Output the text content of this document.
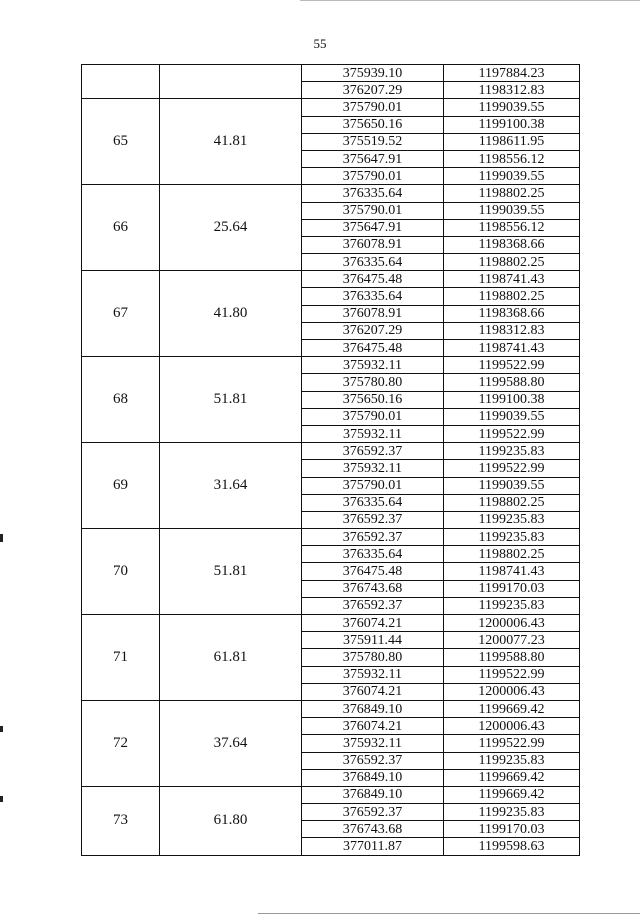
55
		375939.10	1197884.23
		376207.29	1198312.83
65	41.81	375790.01	1199039.55
		375650.16	1199100.38
		375519.52	1198611.95
		375647.91	1198556.12
		375790.01	1199039.55
66	25.64	376335.64	1198802.25
		375790.01	1199039.55
		375647.91	1198556.12
		376078.91	1198368.66
		376335.64	1198802.25
67	41.80	376475.48	1198741.43
		376335.64	1198802.25
		376078.91	1198368.66
		376207.29	1198312.83
		376475.48	1198741.43
68	51.81	375932.11	1199522.99
		375780.80	1199588.80
		375650.16	1199100.38
		375790.01	1199039.55
		375932.11	1199522.99
69	31.64	376592.37	1199235.83
		375932.11	1199522.99
		375790.01	1199039.55
		376335.64	1198802.25
		376592.37	1199235.83
70	51.81	376592.37	1199235.83
		376335.64	1198802.25
		376475.48	1198741.43
		376743.68	1199170.03
		376592.37	1199235.83
71	61.81	376074.21	1200006.43
		375911.44	1200077.23
		375780.80	1199588.80
		375932.11	1199522.99
		376074.21	1200006.43
72	37.64	376849.10	1199669.42
		376074.21	1200006.43
		375932.11	1199522.99
		376592.37	1199235.83
		376849.10	1199669.42
73	61.80	376849.10	1199669.42
		376592.37	1199235.83
		376743.68	1199170.03
		377011.87	1199598.63
